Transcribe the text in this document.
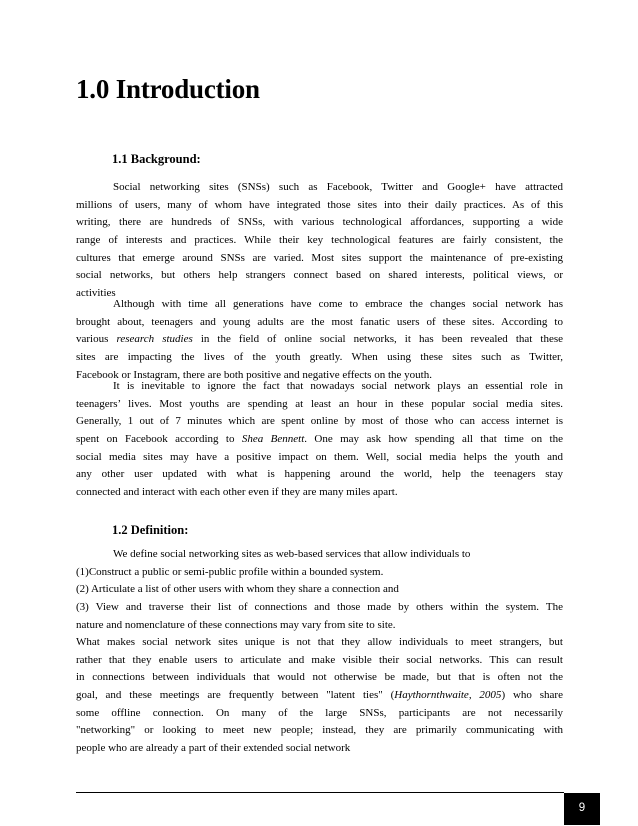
1.0 Introduction
1.1 Background:
Social networking sites (SNSs) such as Facebook, Twitter and Google+ have attracted
millions of users, many of whom have integrated those sites into their daily practices. As of this
writing, there are hundreds of SNSs, with various technological affordances, supporting a wide
range of interests and practices. While their key technological features are fairly consistent, the
cultures that emerge around SNSs are varied. Most sites support the maintenance of pre-existing
social networks, but others help strangers connect based on shared interests, political views, or
activities
Although with time all generations have come to embrace the changes social network has
brought about, teenagers and young adults are the most fanatic users of these sites. According to
various research studies in the field of online social networks, it has been revealed that these
sites are impacting the lives of the youth greatly. When using these sites such as Twitter,
Facebook or Instagram, there are both positive and negative effects on the youth.
It is inevitable to ignore the fact that nowadays social network plays an essential role in
teenagers’ lives. Most youths are spending at least an hour in these popular social media sites.
Generally, 1 out of 7 minutes which are spent online by most of those who can access internet is
spent on Facebook according to Shea Bennett. One may ask how spending all that time on the
social media sites may have a positive impact on them. Well, social media helps the youth and
any other user updated with what is happening around the world, help the teenagers stay
connected and interact with each other even if they are many miles apart.
1.2 Definition:
We define social networking sites as web-based services that allow individuals to
(1)Construct a public or semi-public profile within a bounded system.
(2) Articulate a list of other users with whom they share a connection and
(3) View and traverse their list of connections and those made by others within the system. The
nature and nomenclature of these connections may vary from site to site.
What makes social network sites unique is not that they allow individuals to meet strangers, but
rather that they enable users to articulate and make visible their social networks. This can result
in connections between individuals that would not otherwise be made, but that is often not the
goal, and these meetings are frequently between "latent ties" (Haythornthwaite, 2005) who share
some offline connection. On many of the large SNSs, participants are not necessarily
"networking" or looking to meet new people; instead, they are primarily communicating with
people who are already a part of their extended social network
9
